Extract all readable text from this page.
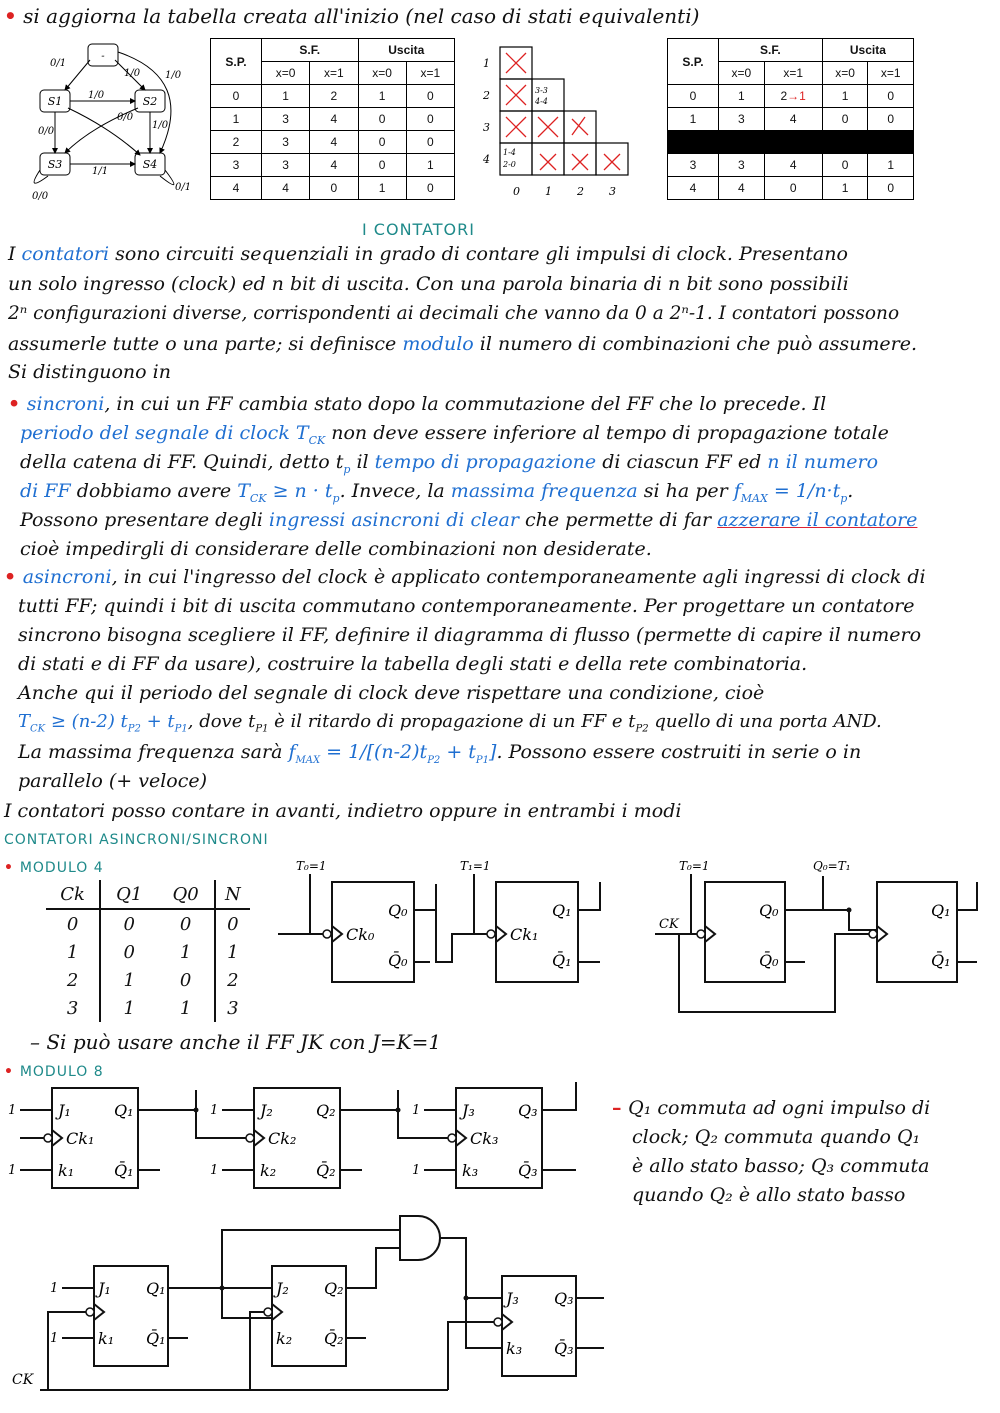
• si aggiorna la tabella creata all'inizio (nel caso di stati equivalenti)
-
S1	S2
S3	S4
0/1
1/0 1/0
1/0
0/0
1/0
0/0
1/1
0/0
0/1
S.P.	S.F.		Uscita	
	x=0	x=1	x=0	x=1
0	1	2	1	0
1	3	4	0	0
2	3	4	0	0
3	3	4	0	1
4	4	0	1	0
1
2
3
4
0 1 2 3
3-3
4-4
1-4
2-0
S.P.	S.F.		Uscita	
	x=0	x=1	x=0	x=1
0	1	2→1	1	0
1	3	4	0	0

3	3	4	0	1
4	4	0	1	0
I CONTATORI
I contatori sono circuiti sequenziali in grado di contare gli impulsi di clock. Presentano
un solo ingresso (clock) ed n bit di uscita. Con una parola binaria di n bit sono possibili
2ⁿ configurazioni diverse, corrispondenti ai decimali che vanno da 0 a 2ⁿ-1. I contatori possono
assumerle tutte o una parte; si definisce modulo il numero di combinazioni che può assumere.
Si distinguono in
• sincroni, in cui un FF cambia stato dopo la commutazione del FF che lo precede. Il
periodo del segnale di clock $T_{CK}$ non deve essere inferiore al tempo di propagazione totale
della catena di FF. Quindi, detto $t_p$ il tempo di propagazione di ciascun FF ed n il numero
di FF dobbiamo avere $T_{CK} \ge n \cdot t_p$. Invece, la massima frequenza si ha per $f_{MAX} = 1/n\cdot t_p$.
Possono presentare degli ingressi asincroni di clear che permette di far azzerare il contatore
cioè impedirgli di considerare delle combinazioni non desiderate.
• asincroni, in cui l'ingresso del clock è applicato contemporaneamente agli ingressi di clock di
tutti FF; quindi i bit di uscita commutano contemporaneamente. Per progettare un contatore
sincrono bisogna scegliere il FF, definire il diagramma di flusso (permette di capire il numero
di stati e di FF da usare), costruire la tabella degli stati e della rete combinatoria.
Anche qui il periodo del segnale di clock deve rispettare una condizione, cioè
$T_{CK} \ge (n-2) t_{P2} + t_{P1}$, dove $t_{P1}$ è il ritardo di propagazione di un FF e $t_{P2}$ quello di una porta AND.
La massima frequenza sarà $f_{MAX} = 1/[(n-2)t_{P2} + t_{P1}]$. Possono essere costruiti in serie o in
parallelo (+ veloce)
I contatori posso contare in avanti, indietro oppure in entrambi i modi
CONTATORI ASINCRONI/SINCRONI
• MODULO 4
Ck	Q1	Q0	N
0	0	0	0
1	0	1	1
2	1	0	2
3	1	1	3
T₀=1	T₁=1
Q₀
Q̄₀
Ck₀
Q₁
Q̄₁
Ck₁
T₀=1	Q₀=T₁
CK
Q₀
Q̄₀
Q₁
Q̄₁
– Si può usare anche il FF JK con J=K=1
• MODULO 8
1
1
1
1
1
1
J₁
Ck₁
k₁
Q₁
Q̄₁
J₂
Ck₂
k₂
Q₂
Q̄₂
J₃
Ck₃
k₃
Q₃
Q̄₃
– Q₁ commuta ad ogni impulso di
clock; Q₂ commuta quando Q₁
è allo stato basso; Q₃ commuta
quando Q₂ è allo stato basso
1
1
CK
J₁
k₁
Q₁
Q̄₁
J₂
k₂
Q₂
Q̄₂
J₃
k₃
Q₃
Q̄₃
